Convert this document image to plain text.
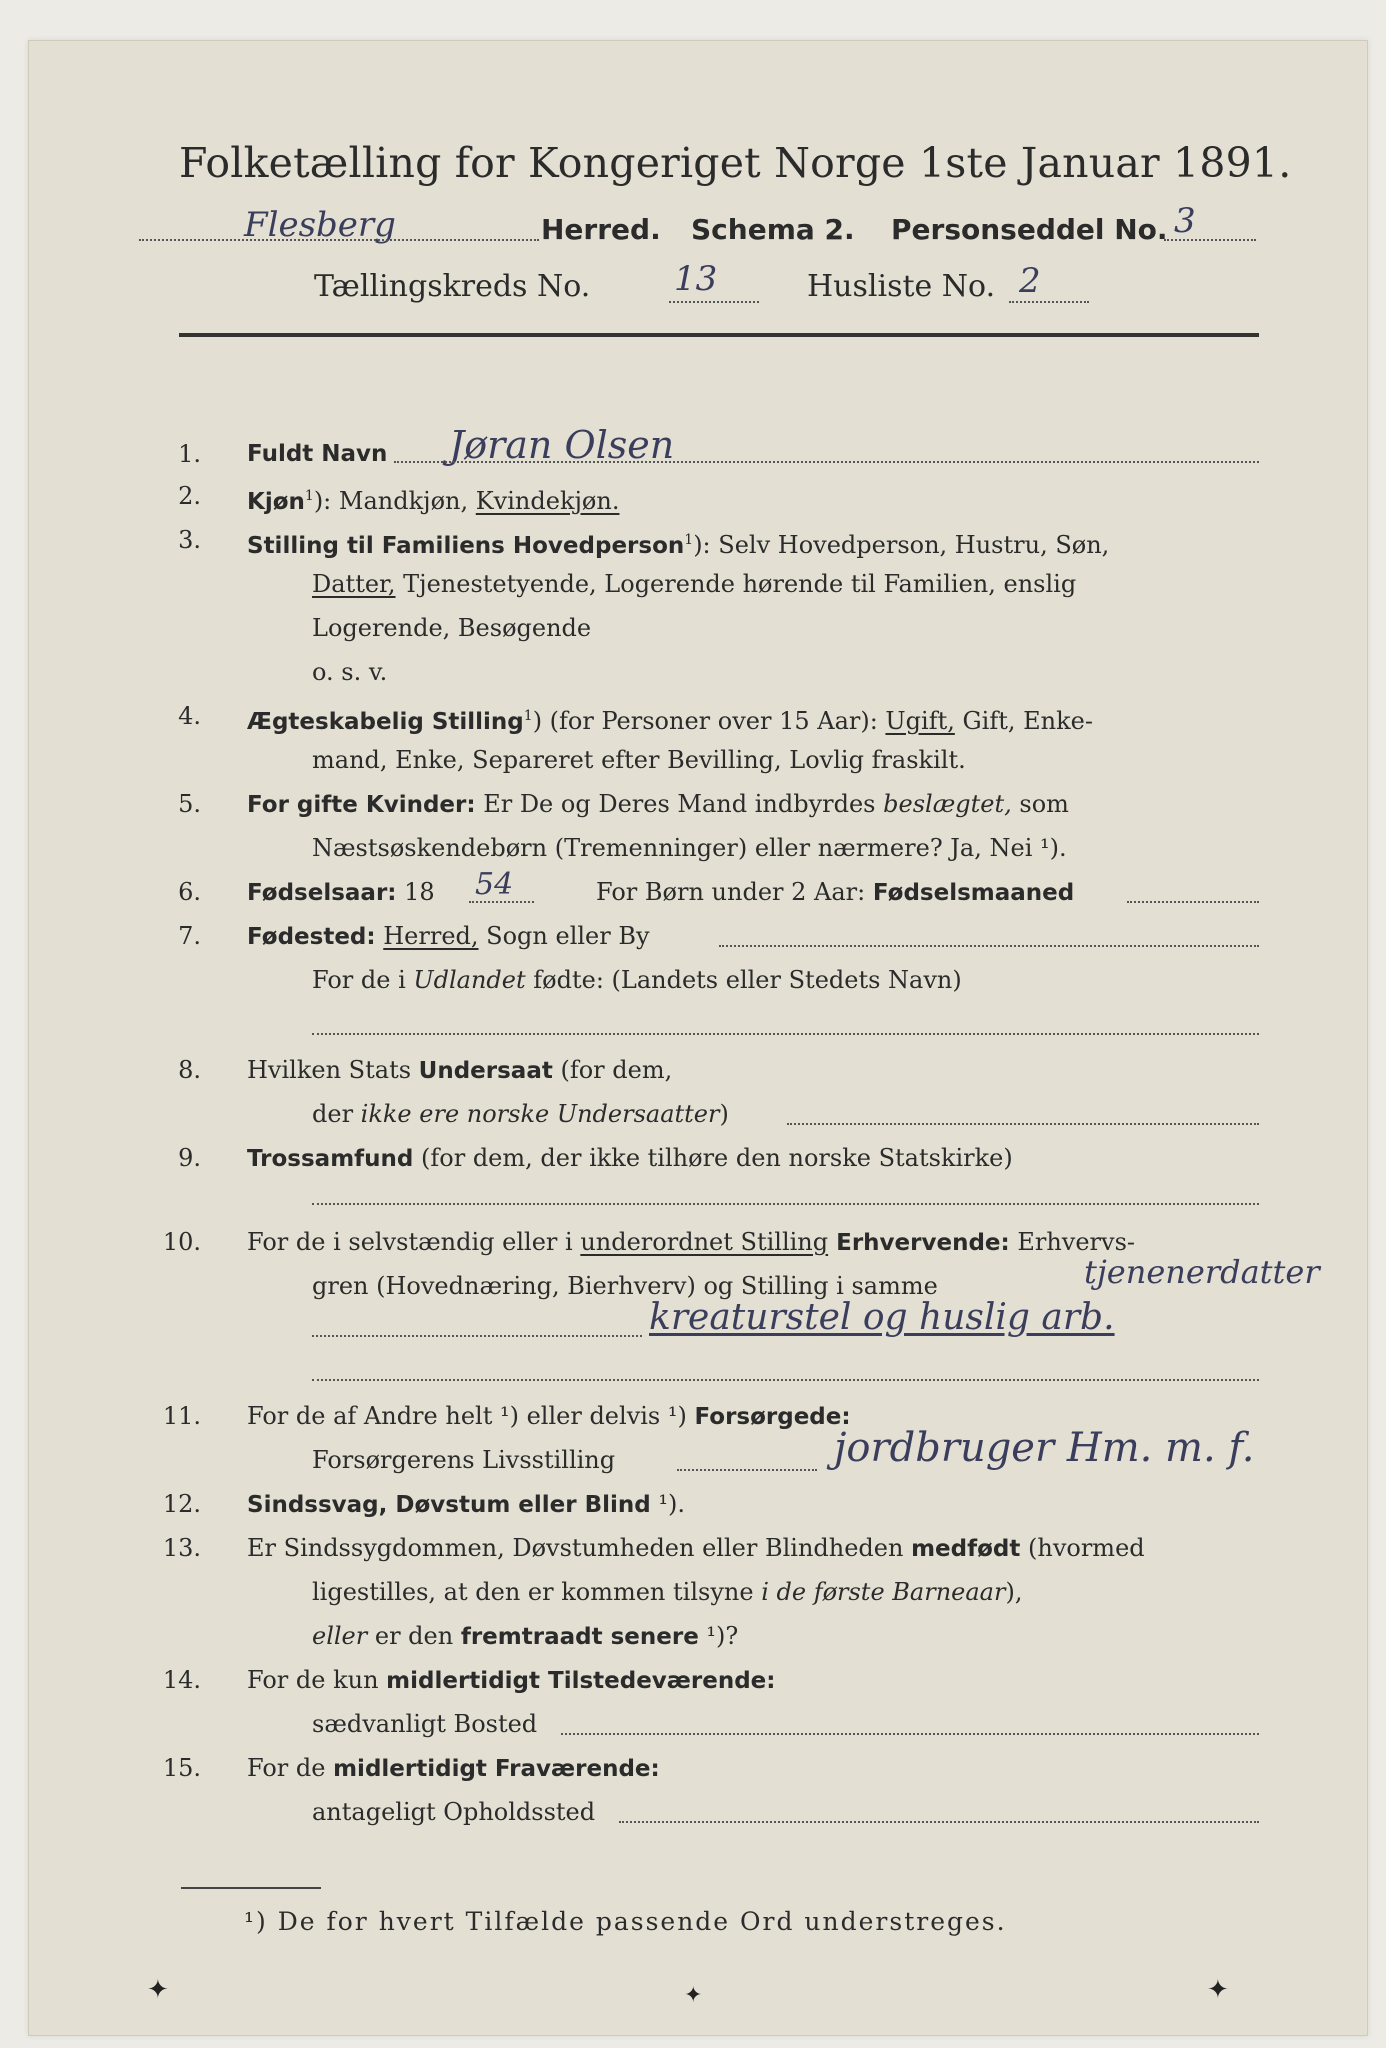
Folketælling for Kongeriget Norge 1ste Januar 1891.
Flesberg	Herred. Schema 2. Personseddel No. 3
Tællingskreds No. 13	Husliste No. 2
1. Fuldt Navn Jøran Olsen
2. Kjøn$^1$): Mandkjøn, Kvindekjøn.
3. Stilling til Familiens Hovedperson$^1$): Selv Hovedperson, Hustru, Søn,
Datter, Tjenestetyende, Logerende hørende til Familien, enslig
Logerende, Besøgende
o. s. v.
4. Ægteskabelig Stilling$^1$) (for Personer over 15 Aar): Ugift, Gift, Enke-
mand, Enke, Separeret efter Bevilling, Lovlig fraskilt.
5. For gifte Kvinder: Er De og Deres Mand indbyrdes beslægtet, som
Næstsøskendebørn (Tremenninger) eller nærmere? Ja, Nei ¹).
6. Fødselsaar: 18 54	For Børn under 2 Aar: Fødselsmaaned
7. Fødested: Herred, Sogn eller By
For de i Udlandet fødte: (Landets eller Stedets Navn)
8. Hvilken Stats Undersaat (for dem,
der ikke ere norske Undersaatter)
9. Trossamfund (for dem, der ikke tilhøre den norske Statskirke)
10. For de i selvstændig eller i underordnet Stilling Erhvervende: Erhvervs-
gren (Hovednæring, Bierhverv) og Stilling i samme	tjenenerdatter
kreaturstel og huslig arb.
11. For de af Andre helt ¹) eller delvis ¹) Forsørgede:
Forsørgerens Livsstilling	jordbruger Hm. m. f.
12. Sindssvag, Døvstum eller Blind ¹).
13. Er Sindssygdommen, Døvstumheden eller Blindheden medfødt (hvormed
ligestilles, at den er kommen tilsyne i de første Barneaar),
eller er den fremtraadt senere ¹)?
14. For de kun midlertidigt Tilstedeværende:
sædvanligt Bosted
15. For de midlertidigt Fraværende:
antageligt Opholdssted
¹) De for hvert Tilfælde passende Ord understreges.
✦	✦	✦
